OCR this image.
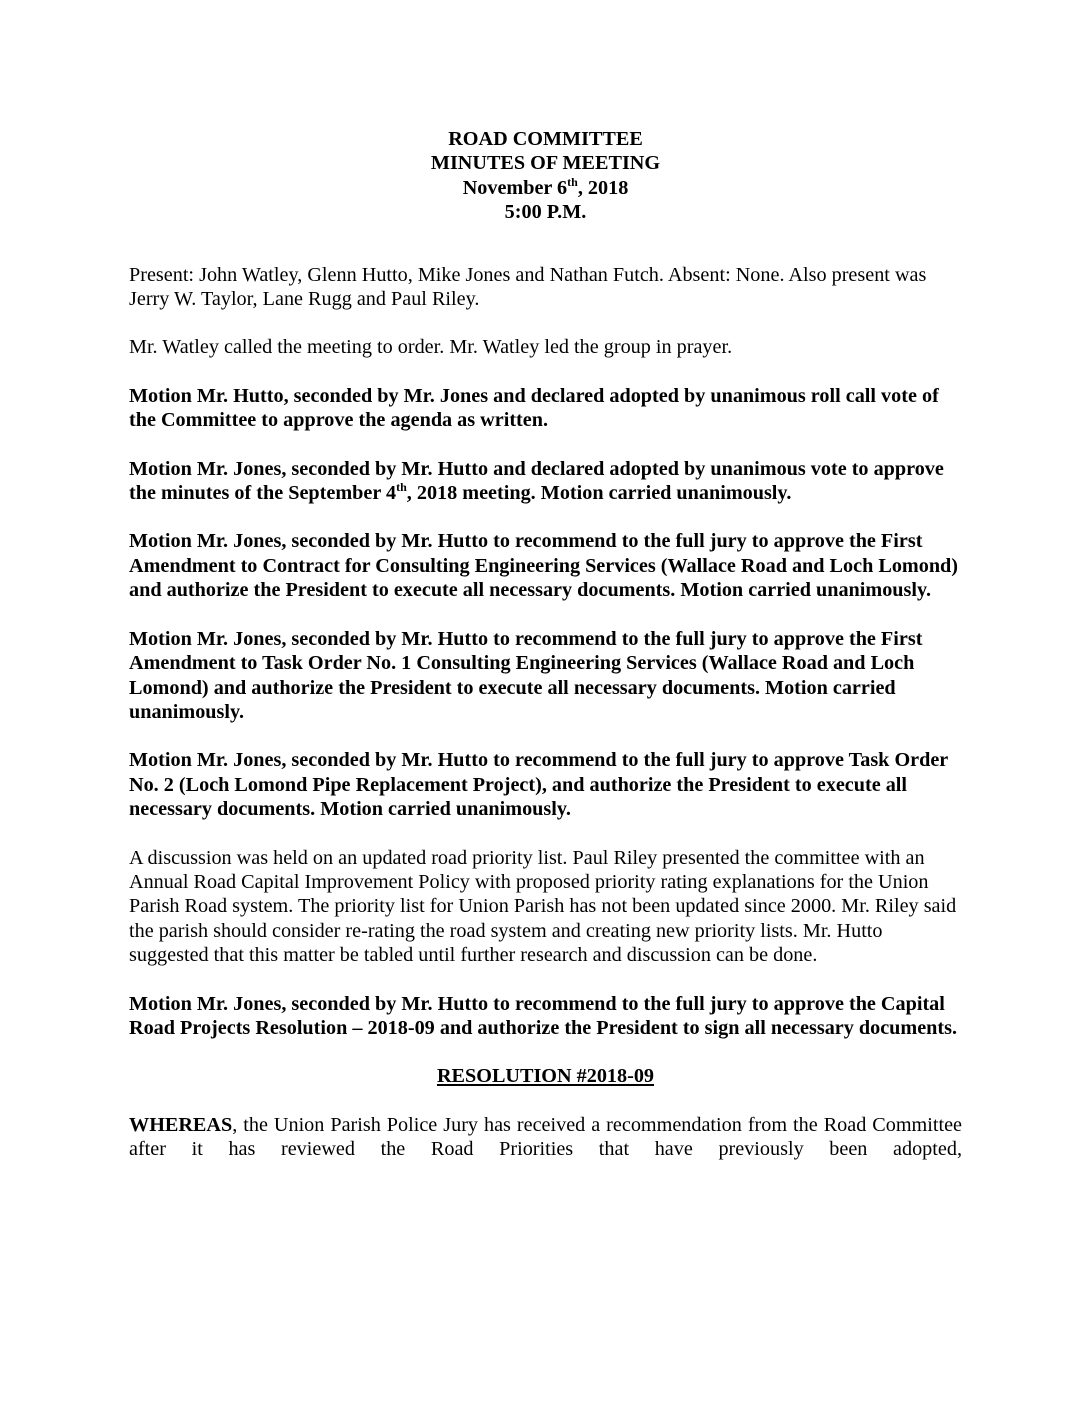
ROAD COMMITTEE
MINUTES OF MEETING
November 6th, 2018
5:00 P.M.

Present: John Watley, Glenn Hutto, Mike Jones and Nathan Futch. Absent: None. Also present was Jerry W. Taylor, Lane Rugg and Paul Riley.

Mr. Watley called the meeting to order. Mr. Watley led the group in prayer.

Motion Mr. Hutto, seconded by Mr. Jones and declared adopted by unanimous roll call vote of the Committee to approve the agenda as written.

Motion Mr. Jones, seconded by Mr. Hutto and declared adopted by unanimous vote to approve the minutes of the September 4th, 2018 meeting. Motion carried unanimously.

Motion Mr. Jones, seconded by Mr. Hutto to recommend to the full jury to approve the First Amendment to Contract for Consulting Engineering Services (Wallace Road and Loch Lomond) and authorize the President to execute all necessary documents. Motion carried unanimously.

Motion Mr. Jones, seconded by Mr. Hutto to recommend to the full jury to approve the First Amendment to Task Order No. 1 Consulting Engineering Services (Wallace Road and Loch Lomond) and authorize the President to execute all necessary documents. Motion carried unanimously.

Motion Mr. Jones, seconded by Mr. Hutto to recommend to the full jury to approve Task Order No. 2 (Loch Lomond Pipe Replacement Project), and authorize the President to execute all necessary documents. Motion carried unanimously.

A discussion was held on an updated road priority list. Paul Riley presented the committee with an Annual Road Capital Improvement Policy with proposed priority rating explanations for the Union Parish Road system. The priority list for Union Parish has not been updated since 2000. Mr. Riley said the parish should consider re-rating the road system and creating new priority lists. Mr. Hutto suggested that this matter be tabled until further research and discussion can be done.

Motion Mr. Jones, seconded by Mr. Hutto to recommend to the full jury to approve the Capital Road Projects Resolution – 2018-09 and authorize the President to sign all necessary documents.

RESOLUTION #2018-09

WHEREAS, the Union Parish Police Jury has received a recommendation from the Road Committee after it has reviewed the Road Priorities that have previously been adopted,
